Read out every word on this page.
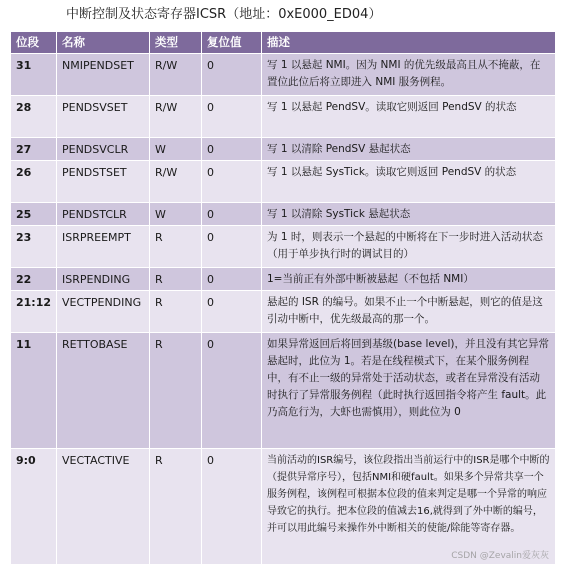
中断控制及状态寄存器ICSR（地址：0xE000_ED04）
位段	名称	类型	复位值	描述
31	NMIPENDSET	R/W	0	写 1 以悬起 NMI。因为 NMI 的优先级最高且从不掩蔽，在置位此位后将立即进入 NMI 服务例程。
28	PENDSVSET	R/W	0	写 1 以悬起 PendSV。读取它则返回 PendSV 的状态
27	PENDSVCLR	W	0	写 1 以清除 PendSV 悬起状态
26	PENDSTSET	R/W	0	写 1 以悬起 SysTick。读取它则返回 PendSV 的状态
25	PENDSTCLR	W	0	写 1 以清除 SysTick 悬起状态
23	ISRPREEMPT	R	0	为 1 时，则表示一个悬起的中断将在下一步时进入活动状态（用于单步执行时的调试目的）
22	ISRPENDING	R	0	1=当前正有外部中断被悬起（不包括 NMI）
21:12	VECTPENDING	R	0	悬起的 ISR 的编号。如果不止一个中断悬起，则它的值是这引动中断中，优先级最高的那一个。
11	RETTOBASE	R	0	如果异常返回后将回到基级(base level)，并且没有其它异常悬起时，此位为 1。若是在线程模式下，在某个服务例程中，有不止一级的异常处于活动状态，或者在异常没有活动时执行了异常服务例程（此时执行返回指令将产生 fault。此乃高危行为，大虾也需慎用），则此位为 0
9:0	VECTACTIVE	R	0	当前活动的ISR编号，该位段指出当前运行中的ISR是哪个中断的（提供异常序号），包括NMI和硬fault。如果多个异常共享一个服务例程，该例程可根据本位段的值来判定是哪一个异常的响应导致它的执行。把本位段的值减去16,就得到了外中断的编号，并可以用此编号来操作外中断相关的使能/除能等寄存器。
CSDN @Zevalin爱灰灰
